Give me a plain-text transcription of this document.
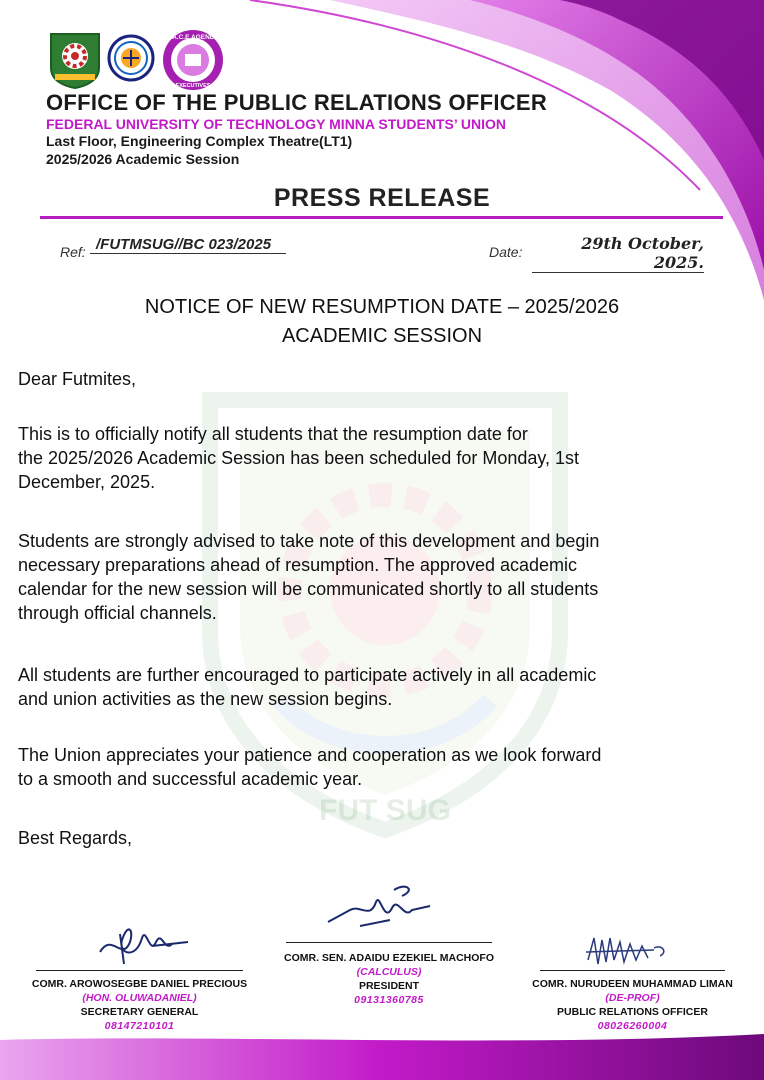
FUT SUG
P.A.C.E AGENDA
EXECUTIVES
OFFICE OF THE PUBLIC RELATIONS OFFICER
FEDERAL UNIVERSITY OF TECHNOLOGY MINNA STUDENTS’ UNION
Last Floor, Engineering Complex Theatre(LT1)
2025/2026 Academic Session
PRESS RELEASE
Ref: /FUTMSUG//BC 023/2025	Date:	29th October, 2025.
NOTICE OF NEW RESUMPTION DATE – 2025/2026
ACADEMIC SESSION
Dear Futmites,
This is to officially notify all students that the resumption date for
the 2025/2026 Academic Session has been scheduled for Monday, 1st
December, 2025.
Students are strongly advised to take note of this development and begin
necessary preparations ahead of resumption. The approved academic
calendar for the new session will be communicated shortly to all students
through official channels.
All students are further encouraged to participate actively in all academic
and union activities as the new session begins.
The Union appreciates your patience and cooperation as we look forward
to a smooth and successful academic year.
Best Regards,
COMR. AROWOSEGBE DANIEL PRECIOUS
(HON. OLUWADANIEL)
SECRETARY GENERAL
08147210101
COMR. SEN. ADAIDU EZEKIEL MACHOFO
(CALCULUS)
PRESIDENT
09131360785
COMR. NURUDEEN MUHAMMAD LIMAN
(DE-PROF)
PUBLIC RELATIONS OFFICER
08026260004
